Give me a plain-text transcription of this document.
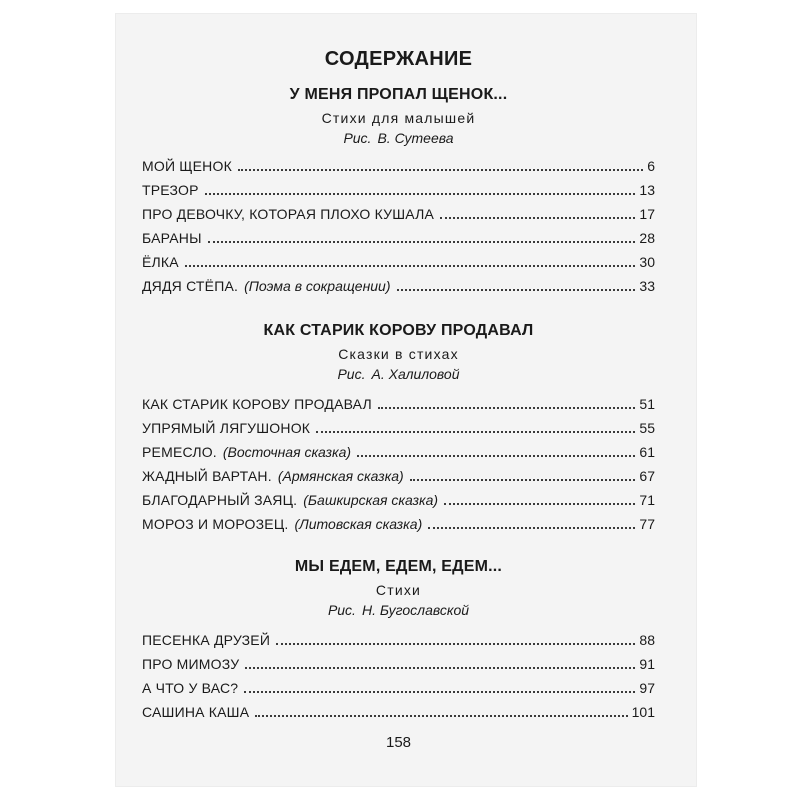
СОДЕРЖАНИЕ
У МЕНЯ ПРОПАЛ ЩЕНОК...
Стихи для малышей
Рис. В. Сутеева
МОЙ ЩЕНОК	6
ТРЕЗОР	13
ПРО ДЕВОЧКУ, КОТОРАЯ ПЛОХО КУШАЛА	17
БАРАНЫ	28
ЁЛКА	30
ДЯДЯ СТЁПА. (Поэма в сокращении)	33
КАК СТАРИК КОРОВУ ПРОДАВАЛ
Сказки в стихах
Рис. А. Халиловой
КАК СТАРИК КОРОВУ ПРОДАВАЛ	51
УПРЯМЫЙ ЛЯГУШОНОК	55
РЕМЕСЛО. (Восточная сказка)	61
ЖАДНЫЙ ВАРТАН. (Армянская сказка)	67
БЛАГОДАРНЫЙ ЗАЯЦ. (Башкирская сказка)	71
МОРОЗ И МОРОЗЕЦ. (Литовская сказка)	77
МЫ ЕДЕМ, ЕДЕМ, ЕДЕМ...
Стихи
Рис. Н. Бугославской
ПЕСЕНКА ДРУЗЕЙ	88
ПРО МИМОЗУ	91
А ЧТО У ВАС?	97
САШИНА КАША	101
158
